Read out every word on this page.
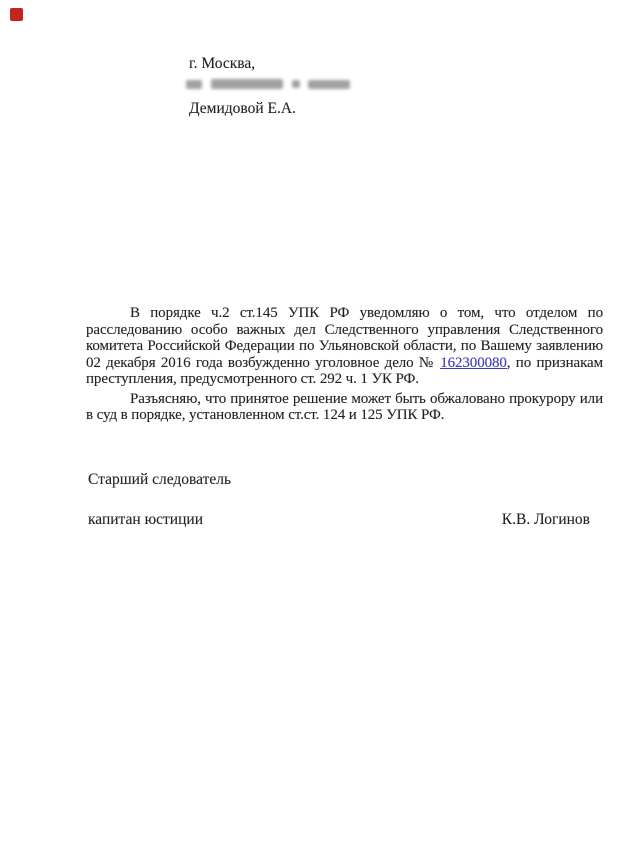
г. Москва,
Демидовой Е.А.
В порядке ч.2 ст.145 УПК РФ уведомляю о том, что отделом по
расследованию особо важных дел Следственного управления Следственного
комитета Российской Федерации по Ульяновской области, по Вашему заявлению
02 декабря 2016 года возбужденно уголовное дело № 162300080, по признакам
преступления, предусмотренного ст. 292 ч. 1 УК РФ.
Разъясняю, что принятое решение может быть обжаловано прокурору или
в суд в порядке, установленном ст.ст. 124 и 125 УПК РФ.
Старший следователь
капитан юстиции	К.В. Логинов
